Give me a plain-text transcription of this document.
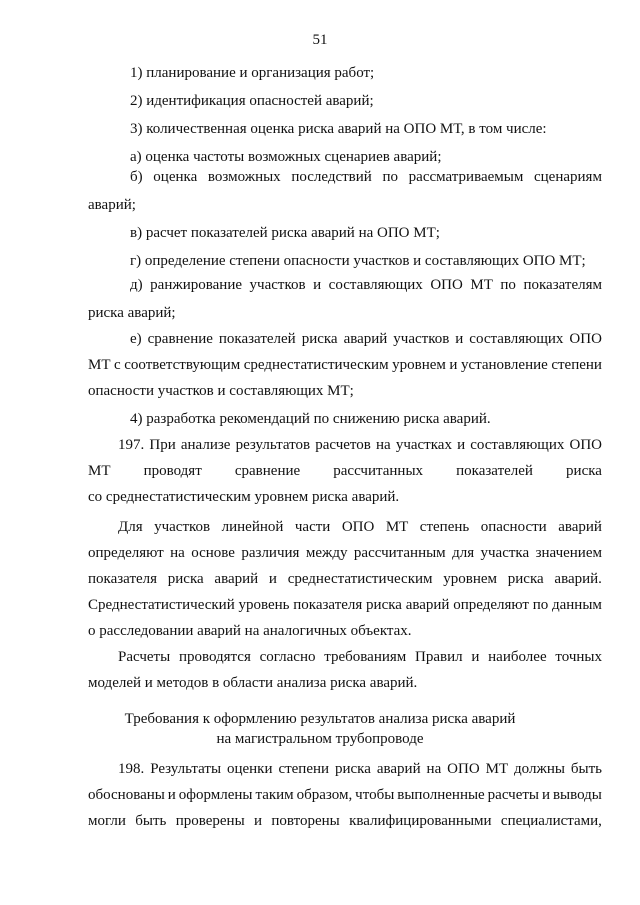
51
1) планирование и организация работ;
2) идентификация опасностей аварий;
3) количественная оценка риска аварий на ОПО МТ, в том числе:
а) оценка частоты возможных сценариев аварий;
б) оценка возможных последствий по рассматриваемым сценариям
аварий;
в) расчет показателей риска аварий на ОПО МТ;
г) определение степени опасности участков и составляющих ОПО МТ;
д) ранжирование участков и составляющих ОПО МТ по показателям
риска аварий;
е) сравнение показателей риска аварий участков и составляющих ОПО
МТ с соответствующим среднестатистическим уровнем и установление степени
опасности участков и составляющих МТ;
4) разработка рекомендаций по снижению риска аварий.
197. При анализе результатов расчетов на участках и составляющих ОПО
МТ проводят сравнение рассчитанных показателей риска
со среднестатистическим уровнем риска аварий.
Для участков линейной части ОПО МТ степень опасности аварий
определяют на основе различия между рассчитанным для участка значением
показателя риска аварий и среднестатистическим уровнем риска аварий.
Среднестатистический уровень показателя риска аварий определяют по данным
о расследовании аварий на аналогичных объектах.
Расчеты проводятся согласно требованиям Правил и наиболее точных
моделей и методов в области анализа риска аварий.
198. Результаты оценки степени риска аварий на ОПО МТ должны быть
обоснованы и оформлены таким образом, чтобы выполненные расчеты и выводы
могли быть проверены и повторены квалифицированными специалистами,
Требования к оформлению результатов анализа риска аварий
на магистральном трубопроводе
